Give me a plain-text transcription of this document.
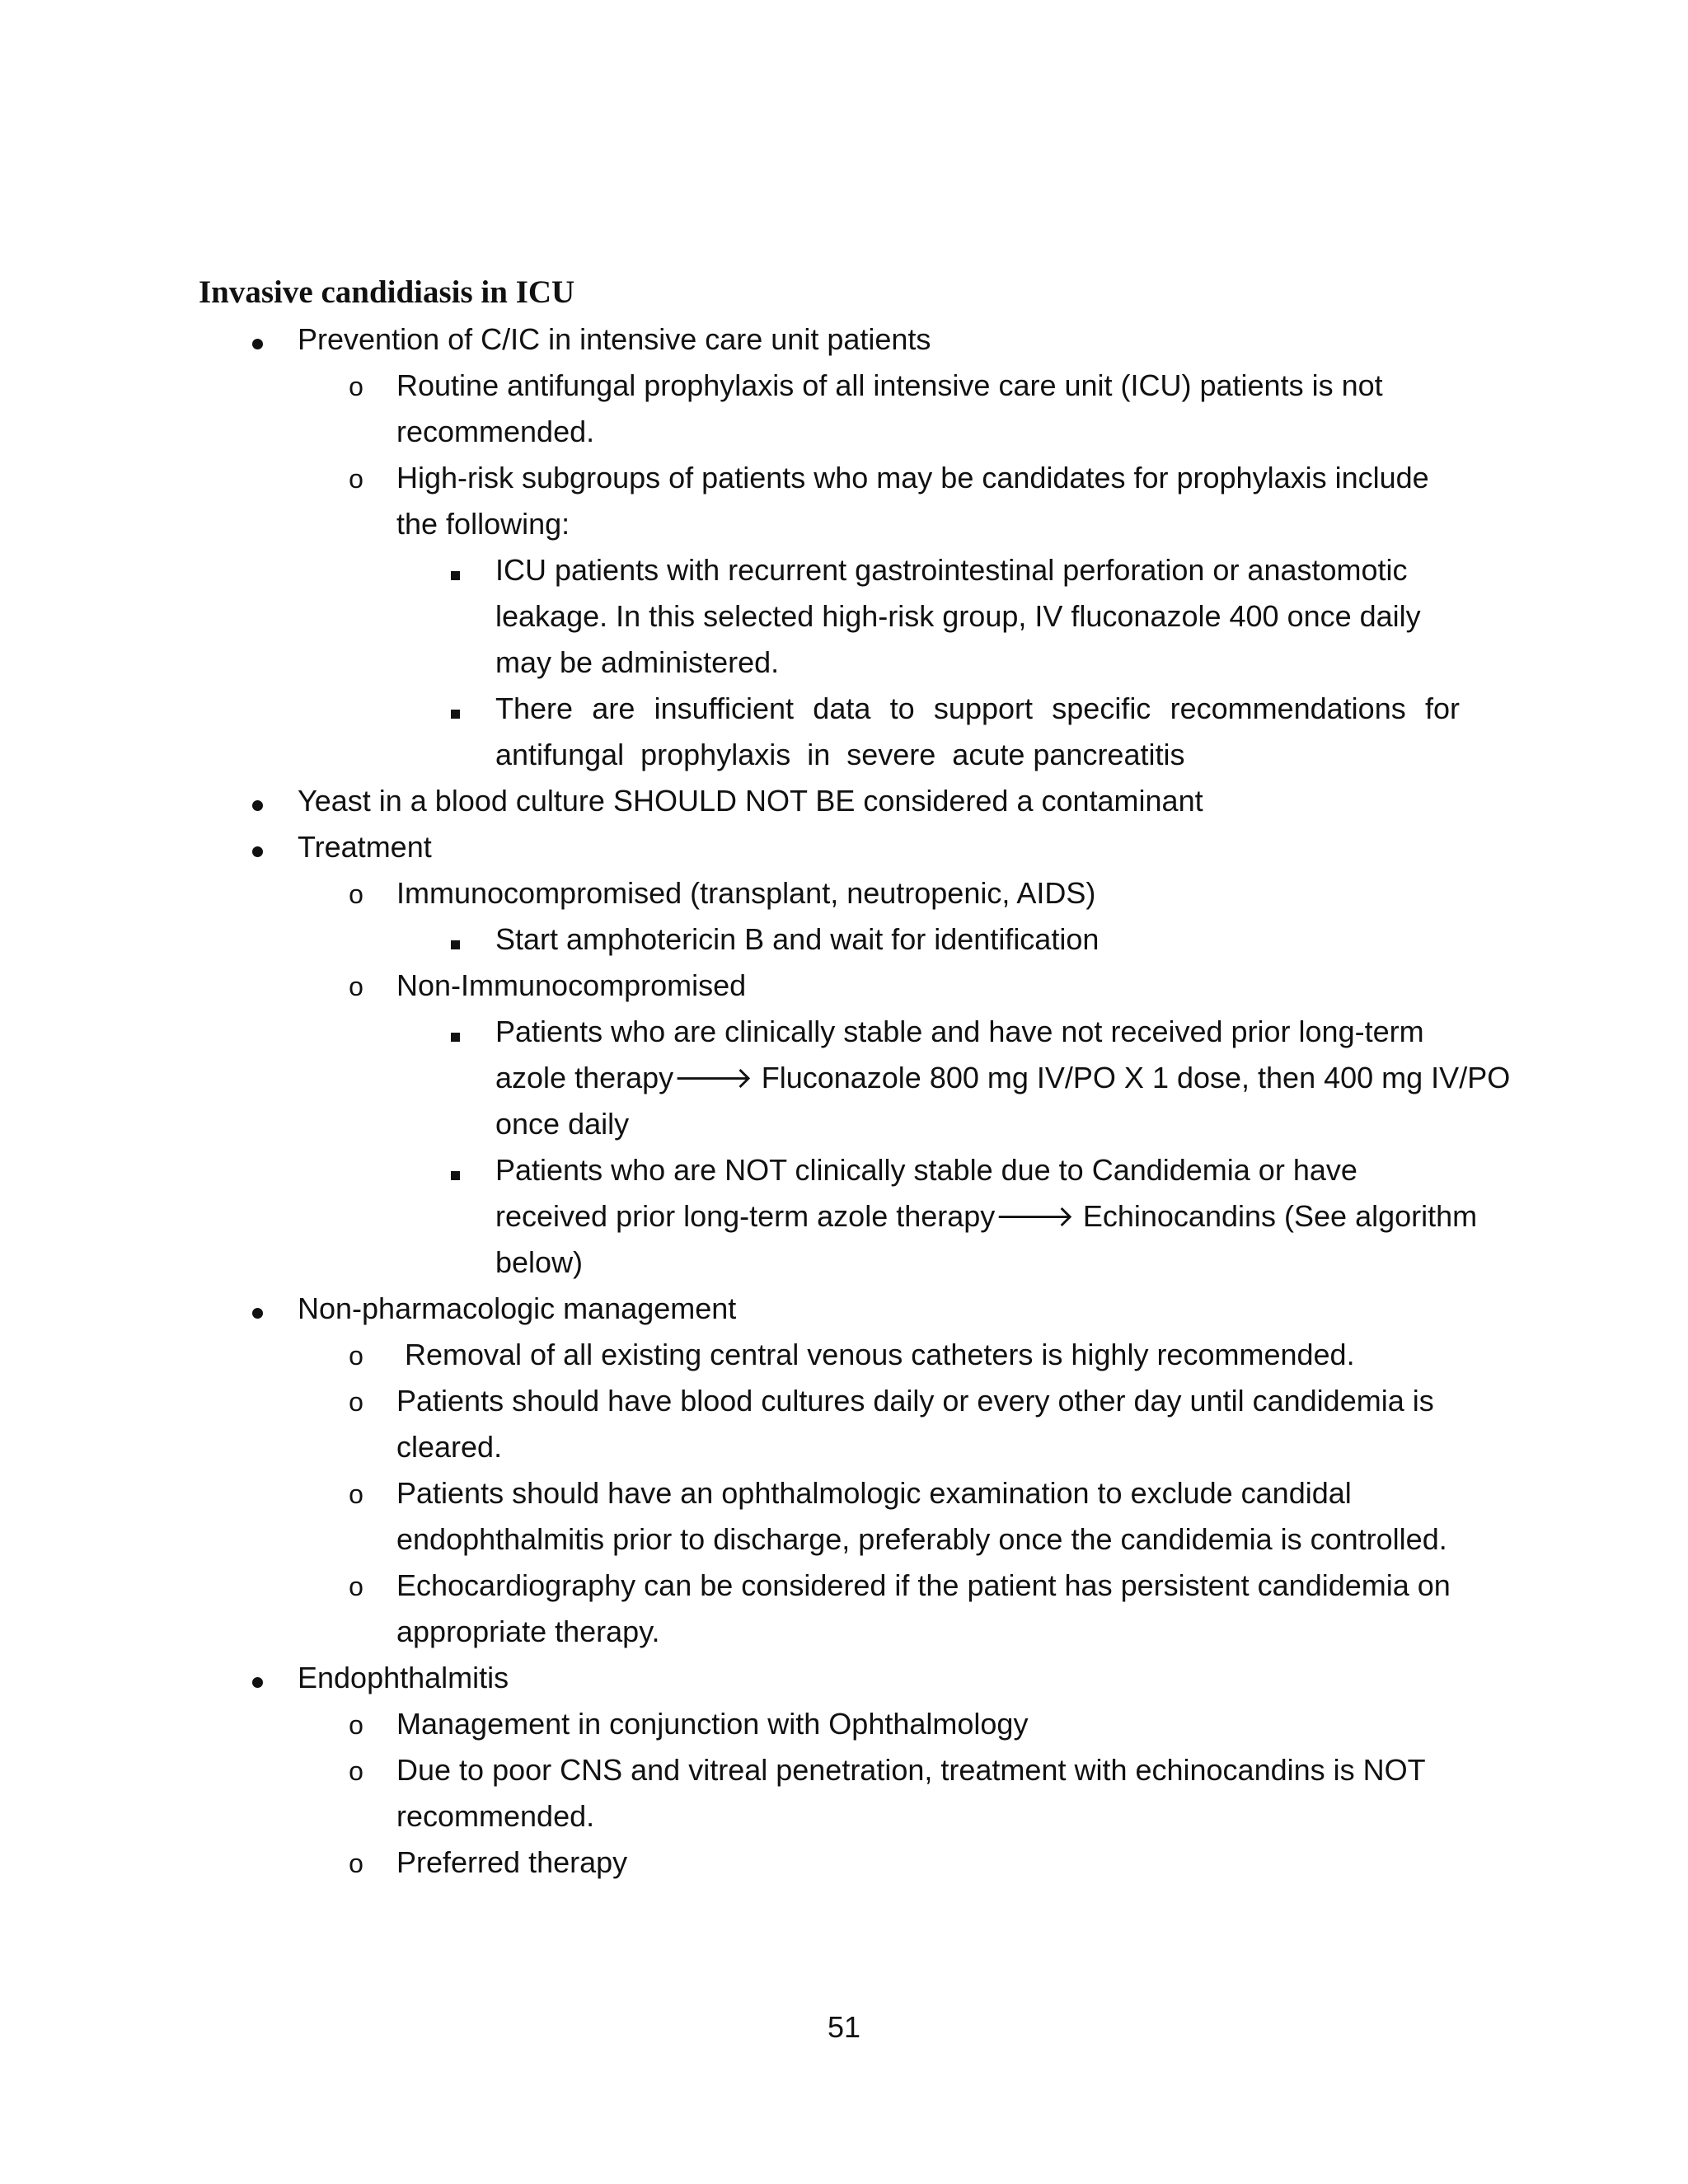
Invasive candidiasis in ICU
Prevention of C/IC in intensive care unit patients
o Routine antifungal prophylaxis of all intensive care unit (ICU) patients is not
recommended.
o High-risk subgroups of patients who may be candidates for prophylaxis include
the following:
ICU patients with recurrent gastrointestinal perforation or anastomotic
leakage. In this selected high-risk group, IV fluconazole 400 once daily
may be administered.
There are insufficient data to support specific recommendations for
antifungal  prophylaxis  in  severe  acute pancreatitis
Yeast in a blood culture SHOULD NOT BE considered a contaminant
Treatment
o Immunocompromised (transplant, neutropenic, AIDS)
Start amphotericin B and wait for identification
o Non-Immunocompromised
Patients who are clinically stable and have not received prior long-term
azole therapy🡒 Fluconazole 800 mg IV/PO X 1 dose, then 400 mg IV/PO
once daily
Patients who are NOT clinically stable due to Candidemia or have
received prior long-term azole therapy🡒 Echinocandins (See algorithm
below)
Non-pharmacologic management
o Removal of all existing central venous catheters is highly recommended.
o Patients should have blood cultures daily or every other day until candidemia is
cleared.
o Patients should have an ophthalmologic examination to exclude candidal
endophthalmitis prior to discharge, preferably once the candidemia is controlled.
o Echocardiography can be considered if the patient has persistent candidemia on
appropriate therapy.
Endophthalmitis
o Management in conjunction with Ophthalmology
o Due to poor CNS and vitreal penetration, treatment with echinocandins is NOT
recommended.
o Preferred therapy
51
